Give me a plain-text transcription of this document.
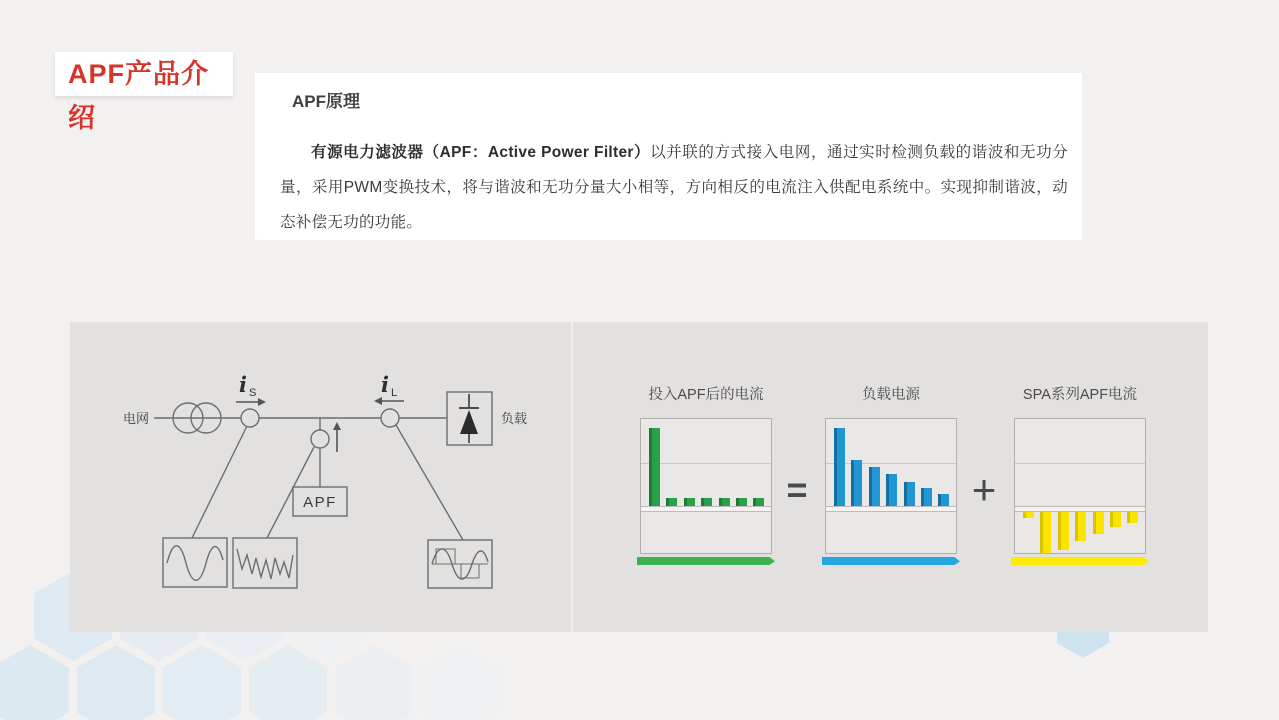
APF产品介绍
APF原理

有源电力滤波器（APF：Active Power Filter）以并联的方式接入电网，通过实时检测负载的谐波和无功分量，采用PWM变换技术，将与谐波和无功分量大小相等，方向相反的电流注入供配电系统中。实现抑制谐波，动态补偿无功的功能。

电网	负载
APF
i S	i L	投入APF后的电流
=
负载电源
+
SPA系列APF电流
